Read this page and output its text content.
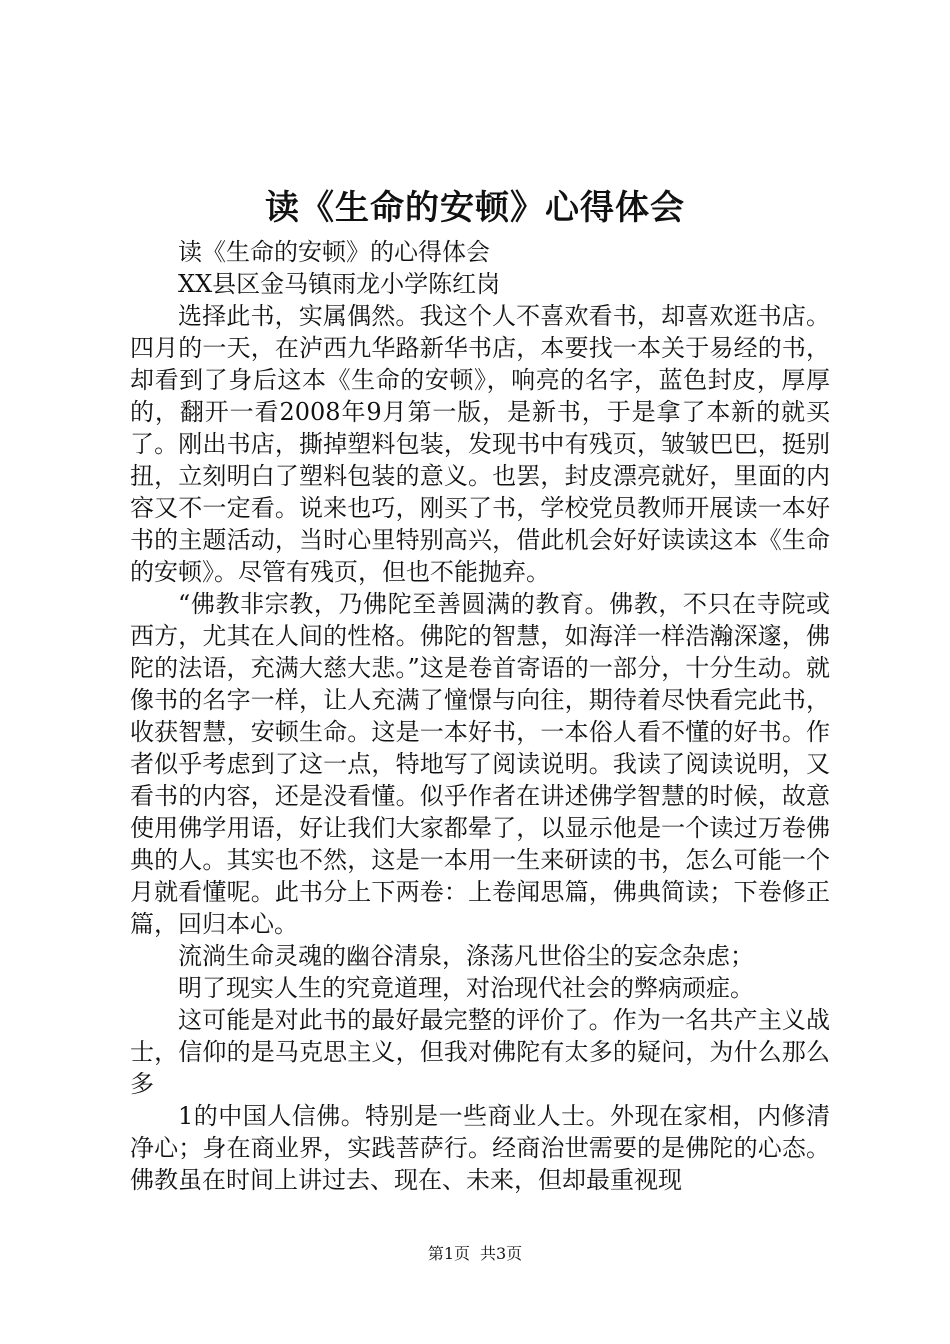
读《生命的安顿》心得体会

读《生命的安顿》的心得体会

XX县区金马镇雨龙小学陈红岗

选择此书，实属偶然。我这个人不喜欢看书，却喜欢逛书店。四月的一天，在泸西九华路新华书店，本要找一本关于易经的书，却看到了身后这本《生命的安顿》，响亮的名字，蓝色封皮，厚厚的，翻开一看2008年9月第一版，是新书，于是拿了本新的就买了。刚出书店，撕掉塑料包装，发现书中有残页，皱皱巴巴，挺别扭，立刻明白了塑料包装的意义。也罢，封皮漂亮就好，里面的内容又不一定看。说来也巧，刚买了书，学校党员教师开展读一本好书的主题活动，当时心里特别高兴，借此机会好好读读这本《生命的安顿》。尽管有残页，但也不能抛弃。

“佛教非宗教，乃佛陀至善圆满的教育。佛教，不只在寺院或西方，尤其在人间的性格。佛陀的智慧，如海洋一样浩瀚深邃，佛陀的法语，充满大慈大悲。”这是卷首寄语的一部分，十分生动。就像书的名字一样，让人充满了憧憬与向往，期待着尽快看完此书，收获智慧，安顿生命。这是一本好书，一本俗人看不懂的好书。作者似乎考虑到了这一点，特地写了阅读说明。我读了阅读说明，又看书的内容，还是没看懂。似乎作者在讲述佛学智慧的时候，故意使用佛学用语，好让我们大家都晕了，以显示他是一个读过万卷佛典的人。其实也不然，这是一本用一生来研读的书，怎么可能一个月就看懂呢。此书分上下两卷：上卷闻思篇，佛典简读；下卷修正篇，回归本心。

流淌生命灵魂的幽谷清泉，涤荡凡世俗尘的妄念杂虑；

明了现实人生的究竟道理，对治现代社会的弊病顽症。

这可能是对此书的最好最完整的评价了。作为一名共产主义战士，信仰的是马克思主义，但我对佛陀有太多的疑问，为什么那么多

1的中国人信佛。特别是一些商业人士。外现在家相，内修清净心；身在商业界，实践菩萨行。经商治世需要的是佛陀的心态。佛教虽在时间上讲过去、现在、未来，但却最重视现

第1页 共3页
